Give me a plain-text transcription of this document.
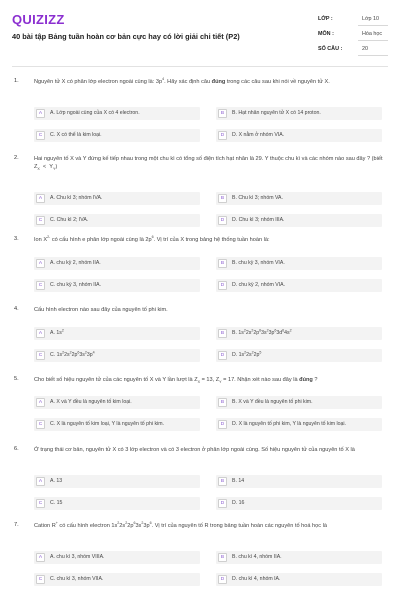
QUIZIZZ
40 bài tập Bảng tuần hoàn cơ bản cực hay có lời giải chi tiết (P2)
LỚP :	Lớp 10
MÔN :	Hóa học
SỐ CÂU :	20
1.	Nguyên tử X có phân lớp electron ngoài cùng là: $3p^4$. Hãy xác định câu đúng trong các câu sau khi nói về nguyên tử X.
A	A. Lớp ngoài cùng của X có 4 electron.	B	B. Hạt nhân nguyên tử X có 14 proton.
C	C. X có thể là kim loại.	D	D. X nằm ở nhóm VIA.
2.	Hai nguyên tố X và Y đứng kế tiếp nhau trong một chu kì có tổng số điện tích hạt nhân là 29. Y thuộc chu kì và các nhóm nào sau đây ? (biết $Z_X < Y_Y$)
A	A. Chu kì 3; nhóm IVA.	B	B. Chu kì 3; nhóm VA.
C	C. Chu kì 2; IVA.	D	D. Chu kì 3; nhóm IIIA.
3.	Ion $X^{2-}$ có cấu hình e phân lớp ngoài cùng là $2p^6$. Vị trí của X trong bảng hệ thống tuần hoàn là:
A	A. chu kỳ 2, nhóm IIA.	B	B. chu kỳ 3, nhóm VIA.
C	C. chu kỳ 3, nhóm IIA.	D	D. chu kỳ 2, nhóm VIA.
4.	Cấu hình electron nào sau đây của nguyên tố phi kim.
A	A. $1s^2$
B	B. $1s^22s^22p^63s^23p^63d^64s^2$
C	C. $1s^22s^22p^63s^23p^4$
D	D. $1s^22s^22p^5$
5.	Cho biết số hiệu nguyên tử của các nguyên tố X và Y lần lượt là $Z_X = 13$, $Z_Y = 17$. Nhận xét nào sau đây là đúng ?
A	A. X và Y đều là nguyên tố kim loại.	B	B. X và Y đều là nguyên tố phi kim.
C	C. X là nguyên tố kim loại, Y là nguyên tố phi kim.	D	D. X là nguyên tố phi kim, Y là nguyên tố kim loại.
6.	Ở trạng thái cơ bản, nguyên tử X có 3 lớp electron và có 3 electron ở phân lớp ngoài cùng. Số hiệu nguyên tử của nguyên tố X là
A	A. 13	B	B. 14
C	C. 15	D	D. 16
7.	Cation R+ có cấu hình electron $1s^22s^22p^63s^23p^6$. Vị trí của nguyên tố R trong bảng tuần hoàn các nguyên tố hoá học là
A	A. chu kì 3, nhóm VIIIA.	B	B. chu kì 4, nhóm IIA.
C	C. chu kì 3, nhóm VIIA.	D	D. chu kì 4, nhóm IA.
